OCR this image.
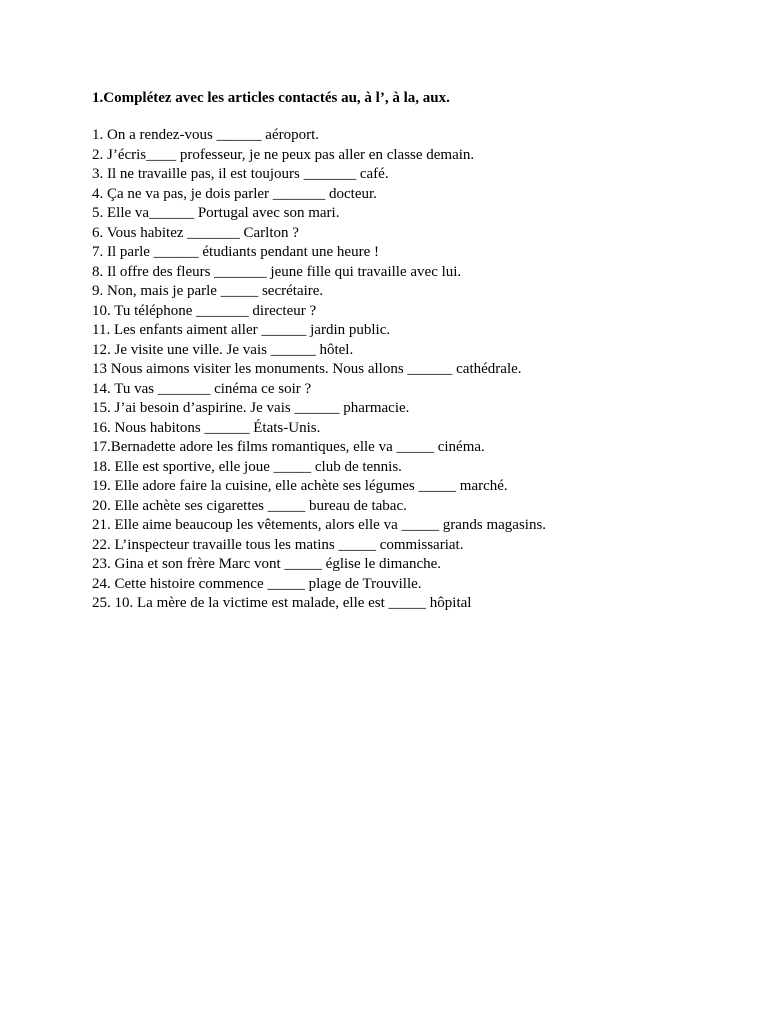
1.Complétez avec les articles contactés au, à l’, à la, aux.
1. On a rendez-vous ______ aéroport.
2. J’écris____ professeur, je ne peux pas aller en classe demain.
3. Il ne travaille pas, il est toujours _______ café.
4. Ça ne va pas, je dois parler _______ docteur.
5. Elle va______ Portugal avec son mari.
6. Vous habitez _______ Carlton ?
7. Il parle ______ étudiants pendant une heure !
8. Il offre des fleurs _______ jeune fille qui travaille avec lui.
9. Non, mais je parle _____ secrétaire.
10. Tu téléphone _______ directeur ?
11. Les enfants aiment aller ______ jardin public.
12. Je visite une ville. Je vais ______ hôtel.
13 Nous aimons visiter les monuments. Nous allons ______ cathédrale.
14. Tu vas _______ cinéma ce soir ?
15. J’ai besoin d’aspirine. Je vais ______ pharmacie.
16. Nous habitons ______ États-Unis.
17.Bernadette adore les films romantiques, elle va _____ cinéma.
18. Elle est sportive, elle joue _____ club de tennis.
19. Elle adore faire la cuisine, elle achète ses légumes _____ marché.
20. Elle achète ses cigarettes _____ bureau de tabac.
21. Elle aime beaucoup les vêtements, alors elle va _____ grands magasins.
22. L’inspecteur travaille tous les matins _____ commissariat.
23. Gina et son frère Marc vont _____ église le dimanche.
24. Cette histoire commence _____ plage de Trouville.
25. 10. La mère de la victime est malade, elle est _____ hôpital
